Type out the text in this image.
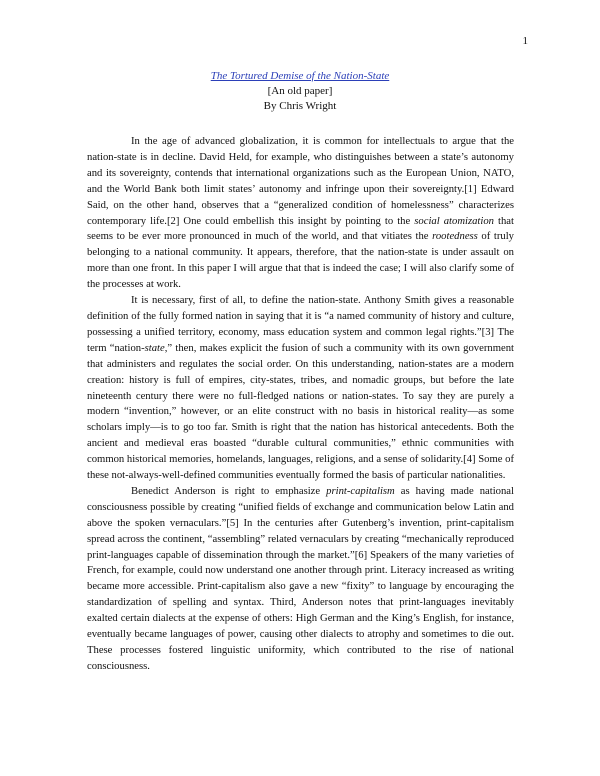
1
The Tortured Demise of the Nation-State
[An old paper]
By Chris Wright

In the age of advanced globalization, it is common for intellectuals to argue that the nation-state is in decline. David Held, for example, who distinguishes between a state’s autonomy and its sovereignty, contends that international organizations such as the European Union, NATO, and the World Bank both limit states’ autonomy and infringe upon their sovereignty.[1] Edward Said, on the other hand, observes that a “generalized condition of homelessness” characterizes contemporary life.[2] One could embellish this insight by pointing to the social atomization that seems to be ever more pronounced in much of the world, and that vitiates the rootedness of truly belonging to a national community. It appears, therefore, that the nation-state is under assault on more than one front. In this paper I will argue that that is indeed the case; I will also clarify some of the processes at work.

It is necessary, first of all, to define the nation-state. Anthony Smith gives a reasonable definition of the fully formed nation in saying that it is “a named community of history and culture, possessing a unified territory, economy, mass education system and common legal rights.”[3] The term “nation-state,” then, makes explicit the fusion of such a community with its own government that administers and regulates the social order. On this understanding, nation-states are a modern creation: history is full of empires, city-states, tribes, and nomadic groups, but before the late nineteenth century there were no full-fledged nations or nation-states. To say they are purely a modern “invention,” however, or an elite construct with no basis in historical reality—as some scholars imply—is to go too far. Smith is right that the nation has historical antecedents. Both the ancient and medieval eras boasted “durable cultural communities,” ethnic communities with common historical memories, homelands, languages, religions, and a sense of solidarity.[4] Some of these not-always-well-defined communities eventually formed the basis of particular nationalities.

Benedict Anderson is right to emphasize print-capitalism as having made national consciousness possible by creating “unified fields of exchange and communication below Latin and above the spoken vernaculars.”[5] In the centuries after Gutenberg’s invention, print-capitalism spread across the continent, “assembling” related vernaculars by creating “mechanically reproduced print-languages capable of dissemination through the market.”[6] Speakers of the many varieties of French, for example, could now understand one another through print. Literacy increased as writing became more accessible. Print-capitalism also gave a new “fixity” to language by encouraging the standardization of spelling and syntax. Third, Anderson notes that print-languages inevitably exalted certain dialects at the expense of others: High German and the King’s English, for instance, eventually became languages of power, causing other dialects to atrophy and sometimes to die out. These processes fostered linguistic uniformity, which contributed to the rise of national consciousness.
